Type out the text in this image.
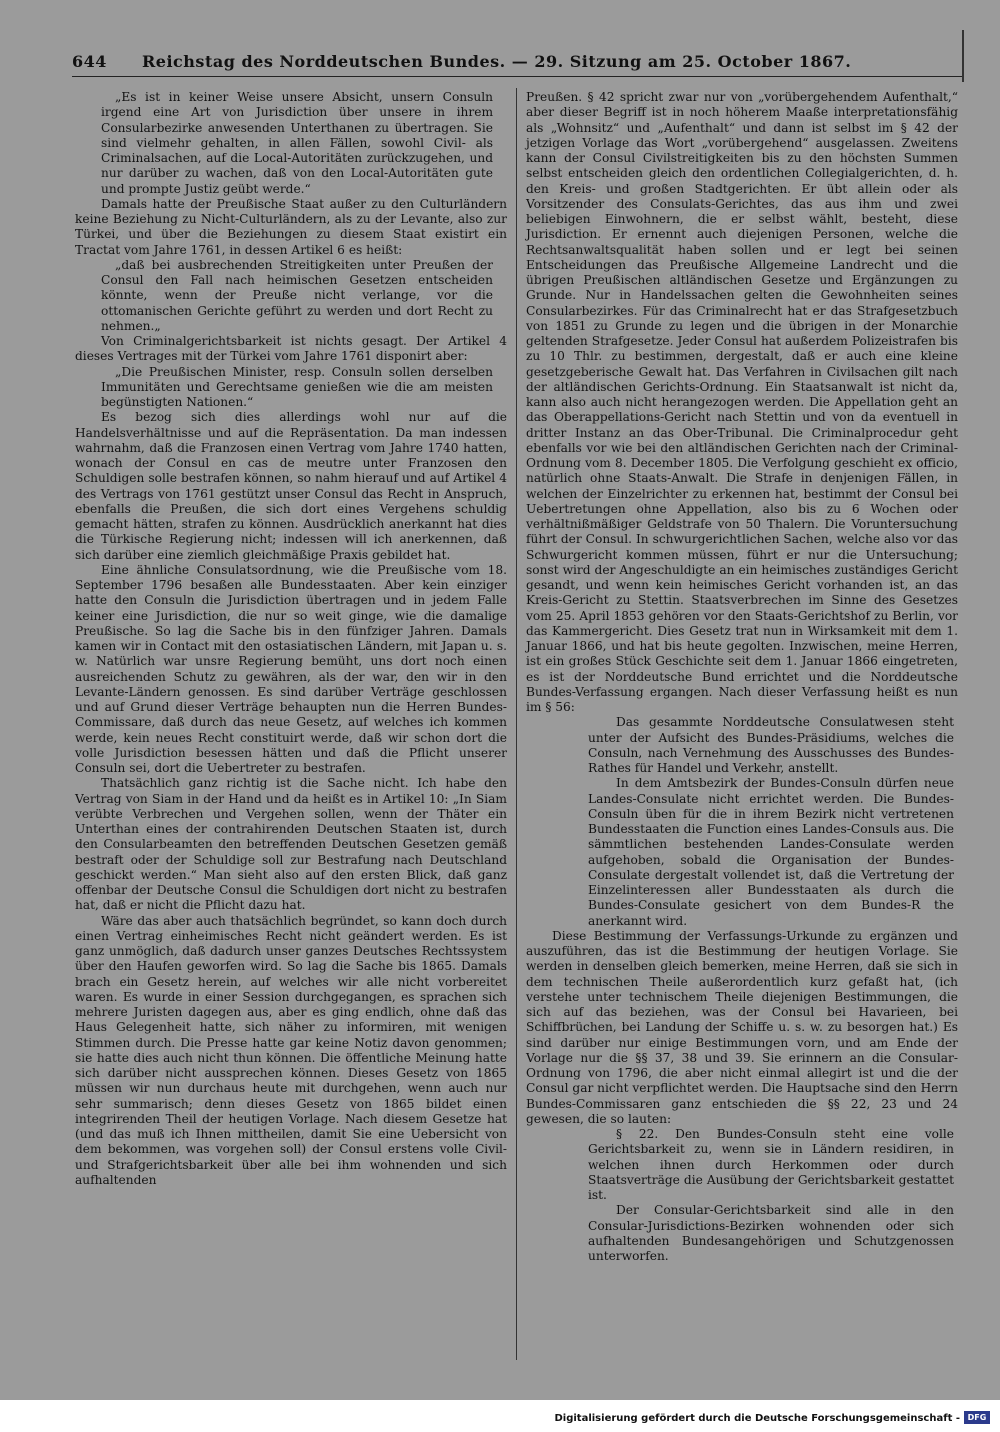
644	Reichstag des Norddeutschen Bundes. — 29. Sitzung am 25. October 1867.

„Es ist in keiner Weise unsere Absicht, unsern Consuln irgend eine Art von Jurisdiction über unsere in ihrem Consularbezirke anwesenden Unterthanen zu übertragen. Sie sind vielmehr gehalten, in allen Fällen, sowohl Civil- als Criminalsachen, auf die Local-Autoritäten zurückzugehen, und nur darüber zu wachen, daß von den Local-Autoritäten gute und prompte Justiz geübt werde.“

Damals hatte der Preußische Staat außer zu den Culturländern keine Beziehung zu Nicht-Culturländern, als zu der Levante, also zur Türkei, und über die Beziehungen zu diesem Staat existirt ein Tractat vom Jahre 1761, in dessen Artikel 6 es heißt:

„daß bei ausbrechenden Streitigkeiten unter Preußen der Consul den Fall nach heimischen Gesetzen entscheiden könnte, wenn der Preuße nicht verlange, vor die ottomanischen Gerichte geführt zu werden und dort Recht zu nehmen.„

Von Criminalgerichtsbarkeit ist nichts gesagt. Der Artikel 4 dieses Vertrages mit der Türkei vom Jahre 1761 disponirt aber:

„Die Preußischen Minister, resp. Consuln sollen derselben Immunitäten und Gerechtsame genießen wie die am meisten begünstigten Nationen.“

Es bezog sich dies allerdings wohl nur auf die Handelsverhältnisse und auf die Repräsentation. Da man indessen wahrnahm, daß die Franzosen einen Vertrag vom Jahre 1740 hatten, wonach der Consul en cas de meutre unter Franzosen den Schuldigen solle bestrafen können, so nahm hierauf und auf Artikel 4 des Vertrags von 1761 gestützt unser Consul das Recht in Anspruch, ebenfalls die Preußen, die sich dort eines Vergehens schuldig gemacht hätten, strafen zu können. Ausdrücklich anerkannt hat dies die Türkische Regierung nicht; indessen will ich anerkennen, daß sich darüber eine ziemlich gleichmäßige Praxis gebildet hat.

Eine ähnliche Consulatsordnung, wie die Preußische vom 18. September 1796 besaßen alle Bundesstaaten. Aber kein einziger hatte den Consuln die Jurisdiction übertragen und in jedem Falle keiner eine Jurisdiction, die nur so weit ginge, wie die damalige Preußische. So lag die Sache bis in den fünfziger Jahren. Damals kamen wir in Contact mit den ostasiatischen Ländern, mit Japan u. s. w. Natürlich war unsre Regierung bemüht, uns dort noch einen ausreichenden Schutz zu gewähren, als der war, den wir in den Levante-Ländern genossen. Es sind darüber Verträge geschlossen und auf Grund dieser Verträge behaupten nun die Herren Bundes-Commissare, daß durch das neue Gesetz, auf welches ich kommen werde, kein neues Recht constituirt werde, daß wir schon dort die volle Jurisdiction besessen hätten und daß die Pflicht unserer Consuln sei, dort die Uebertreter zu bestrafen.

Thatsächlich ganz richtig ist die Sache nicht. Ich habe den Vertrag von Siam in der Hand und da heißt es in Artikel 10: „In Siam verübte Verbrechen und Vergehen sollen, wenn der Thäter ein Unterthan eines der contrahirenden Deutschen Staaten ist, durch den Consularbeamten den betreffenden Deutschen Gesetzen gemäß bestraft oder der Schuldige soll zur Bestrafung nach Deutschland geschickt werden.“ Man sieht also auf den ersten Blick, daß ganz offenbar der Deutsche Consul die Schuldigen dort nicht zu bestrafen hat, daß er nicht die Pflicht dazu hat.

Wäre das aber auch thatsächlich begründet, so kann doch durch einen Vertrag einheimisches Recht nicht geändert werden. Es ist ganz unmöglich, daß dadurch unser ganzes Deutsches Rechtssystem über den Haufen geworfen wird. So lag die Sache bis 1865. Damals brach ein Gesetz herein, auf welches wir alle nicht vorbereitet waren. Es wurde in einer Session durchgegangen, es sprachen sich mehrere Juristen dagegen aus, aber es ging endlich, ohne daß das Haus Gelegenheit hatte, sich näher zu informiren, mit wenigen Stimmen durch. Die Presse hatte gar keine Notiz davon genommen; sie hatte dies auch nicht thun können. Die öffentliche Meinung hatte sich darüber nicht aussprechen können. Dieses Gesetz von 1865 müssen wir nun durchaus heute mit durchgehen, wenn auch nur sehr summarisch; denn dieses Gesetz von 1865 bildet einen integrirenden Theil der heutigen Vorlage. Nach diesem Gesetze hat (und das muß ich Ihnen mittheilen, damit Sie eine Uebersicht von dem bekommen, was vorgehen soll) der Consul erstens volle Civil- und Strafgerichtsbarkeit über alle bei ihm wohnenden und sich aufhaltenden

Preußen. § 42 spricht zwar nur von „vorübergehendem Aufenthalt,“ aber dieser Begriff ist in noch höherem Maaße interpretationsfähig als „Wohnsitz“ und „Aufenthalt“ und dann ist selbst im § 42 der jetzigen Vorlage das Wort „vorübergehend“ ausgelassen. Zweitens kann der Consul Civilstreitigkeiten bis zu den höchsten Summen selbst entscheiden gleich den ordentlichen Collegialgerichten, d. h. den Kreis- und großen Stadtgerichten. Er übt allein oder als Vorsitzender des Consulats-Gerichtes, das aus ihm und zwei beliebigen Einwohnern, die er selbst wählt, besteht, diese Jurisdiction. Er ernennt auch diejenigen Personen, welche die Rechtsanwaltsqualität haben sollen und er legt bei seinen Entscheidungen das Preußische Allgemeine Landrecht und die übrigen Preußischen altländischen Gesetze und Ergänzungen zu Grunde. Nur in Handelssachen gelten die Gewohnheiten seines Consularbezirkes. Für das Criminalrecht hat er das Strafgesetzbuch von 1851 zu Grunde zu legen und die übrigen in der Monarchie geltenden Strafgesetze. Jeder Consul hat außerdem Polizeistrafen bis zu 10 Thlr. zu bestimmen, dergestalt, daß er auch eine kleine gesetzgeberische Gewalt hat. Das Verfahren in Civilsachen gilt nach der altländischen Gerichts-Ordnung. Ein Staatsanwalt ist nicht da, kann also auch nicht herangezogen werden. Die Appellation geht an das Oberappellations-Gericht nach Stettin und von da eventuell in dritter Instanz an das Ober-Tribunal. Die Criminalprocedur geht ebenfalls vor wie bei den altländischen Gerichten nach der Criminal-Ordnung vom 8. December 1805. Die Verfolgung geschieht ex officio, natürlich ohne Staats-Anwalt. Die Strafe in denjenigen Fällen, in welchen der Einzelrichter zu erkennen hat, bestimmt der Consul bei Uebertretungen ohne Appellation, also bis zu 6 Wochen oder verhältnißmäßiger Geldstrafe von 50 Thalern. Die Voruntersuchung führt der Consul. In schwurgerichtlichen Sachen, welche also vor das Schwurgericht kommen müssen, führt er nur die Untersuchung; sonst wird der Angeschuldigte an ein heimisches zuständiges Gericht gesandt, und wenn kein heimisches Gericht vorhanden ist, an das Kreis-Gericht zu Stettin. Staatsverbrechen im Sinne des Gesetzes vom 25. April 1853 gehören vor den Staats-Gerichtshof zu Berlin, vor das Kammergericht. Dies Gesetz trat nun in Wirksamkeit mit dem 1. Januar 1866, und hat bis heute gegolten. Inzwischen, meine Herren, ist ein großes Stück Geschichte seit dem 1. Januar 1866 eingetreten, es ist der Norddeutsche Bund errichtet und die Norddeutsche Bundes-Verfassung ergangen. Nach dieser Verfassung heißt es nun im § 56:

Das gesammte Norddeutsche Consulatwesen steht unter der Aufsicht des Bundes-Präsidiums, welches die Consuln, nach Vernehmung des Ausschusses des Bundes-Rathes für Handel und Verkehr, anstellt.

In dem Amtsbezirk der Bundes-Consuln dürfen neue Landes-Consulate nicht errichtet werden. Die Bundes-Consuln üben für die in ihrem Bezirk nicht vertretenen Bundesstaaten die Function eines Landes-Consuls aus. Die sämmtlichen bestehenden Landes-Consulate werden aufgehoben, sobald die Organisation der Bundes-Consulate dergestalt vollendet ist, daß die Vertretung der Einzelinteressen aller Bundesstaaten als durch die Bundes-Consulate gesichert von dem Bundes-R the anerkannt wird.

Diese Bestimmung der Verfassungs-Urkunde zu ergänzen und auszuführen, das ist die Bestimmung der heutigen Vorlage. Sie werden in denselben gleich bemerken, meine Herren, daß sie sich in dem technischen Theile außerordentlich kurz gefaßt hat, (ich verstehe unter technischem Theile diejenigen Bestimmungen, die sich auf das beziehen, was der Consul bei Havarieen, bei Schiffbrüchen, bei Landung der Schiffe u. s. w. zu besorgen hat.) Es sind darüber nur einige Bestimmungen vorn, und am Ende der Vorlage nur die §§ 37, 38 und 39. Sie erinnern an die Consular-Ordnung von 1796, die aber nicht einmal allegirt ist und die der Consul gar nicht verpflichtet werden. Die Hauptsache sind den Herrn Bundes-Commissaren ganz entschieden die §§ 22, 23 und 24 gewesen, die so lauten:

§ 22. Den Bundes-Consuln steht eine volle Gerichtsbarkeit zu, wenn sie in Ländern residiren, in welchen ihnen durch Herkommen oder durch Staatsverträge die Ausübung der Gerichtsbarkeit gestattet ist.

Der Consular-Gerichtsbarkeit sind alle in den Consular-Jurisdictions-Bezirken wohnenden oder sich aufhaltenden Bundesangehörigen und Schutzgenossen unterworfen.

Digitalisierung gefördert durch die Deutsche Forschungsgemeinschaft - DFG
